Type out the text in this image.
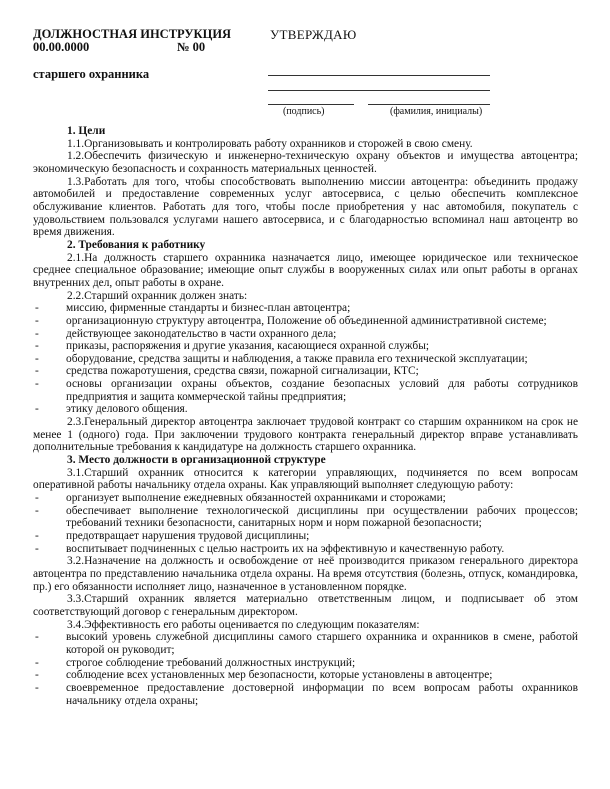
ДОЛЖНОСТНАЯ ИНСТРУКЦИЯ
00.00.0000	№ 00
старшего охранника
УТВЕРЖДАЮ
(подпись)	(фамилия, инициалы)
1. Цели
1.1.Организовывать и контролировать работу охранников и сторожей в свою смену.
1.2.Обеспечить физическую и инженерно-техническую охрану объектов и имущества автоцентра; экономическую безопасность и сохранность материальных ценностей.
1.3.Работать для того, чтобы способствовать выполнению миссии автоцентра: объединить продажу автомобилей и предоставление современных услуг автосервиса, с целью обеспечить комплексное обслуживание клиентов. Работать для того, чтобы после приобретения у нас автомобиля, покупатель с удовольствием пользовался услугами нашего автосервиса, и с благодарностью вспоминал наш автоцентр во время движения.
2. Требования к работнику
2.1.На должность старшего охранника назначается лицо, имеющее юридическое или техническое среднее специальное образование; имеющие опыт службы в вооруженных силах или опыт работы в органах внутренних дел, опыт работы в охране.
2.2.Старший охранник должен знать:
- миссию, фирменные стандарты и бизнес-план автоцентра;
- организационную структуру автоцентра, Положение об объединенной административной системе;
- действующее законодательство в части охранного дела;
- приказы, распоряжения и другие указания, касающиеся охранной службы;
- оборудование, средства защиты и наблюдения, а также правила его технической эксплуатации;
- средства пожаротушения, средства связи, пожарной сигнализации, КТС;
- основы организации охраны объектов, создание безопасных условий для работы сотрудников предприятия и защита коммерческой тайны предприятия;
- этику делового общения.
2.3.Генеральный директор автоцентра заключает трудовой контракт со старшим охранником на срок не менее 1 (одного) года. При заключении трудового контракта генеральный директор вправе устанавливать дополнительные требования к кандидатуре на должность старшего охранника.
3. Место должности в организационной структуре
3.1.Старший охранник относится к категории управляющих, подчиняется по всем вопросам оперативной работы начальнику отдела охраны. Как управляющий выполняет следующую работу:
- организует выполнение ежедневных обязанностей охранниками и сторожами;
- обеспечивает выполнение технологической дисциплины при осуществлении рабочих процессов; требований техники безопасности, санитарных норм и норм пожарной безопасности;
- предотвращает нарушения трудовой дисциплины;
- воспитывает подчиненных с целью настроить их на эффективную и качественную работу.
3.2.Назначение на должность и освобождение от неё производится приказом генерального директора автоцентра по представлению начальника отдела охраны. На время отсутствия (болезнь, отпуск, командировка, пр.) его обязанности исполняет лицо, назначенное в установленном порядке.
3.3.Старший охранник является материально ответственным лицом, и подписывает об этом соответствующий договор с генеральным директором.
3.4.Эффективность его работы оценивается по следующим показателям:
- высокий уровень служебной дисциплины самого старшего охранника и охранников в смене, работой которой он руководит;
- строгое соблюдение требований должностных инструкций;
- соблюдение всех установленных мер безопасности, которые установлены в автоцентре;
- своевременное предоставление достоверной информации по всем вопросам работы охранников начальнику отдела охраны;
